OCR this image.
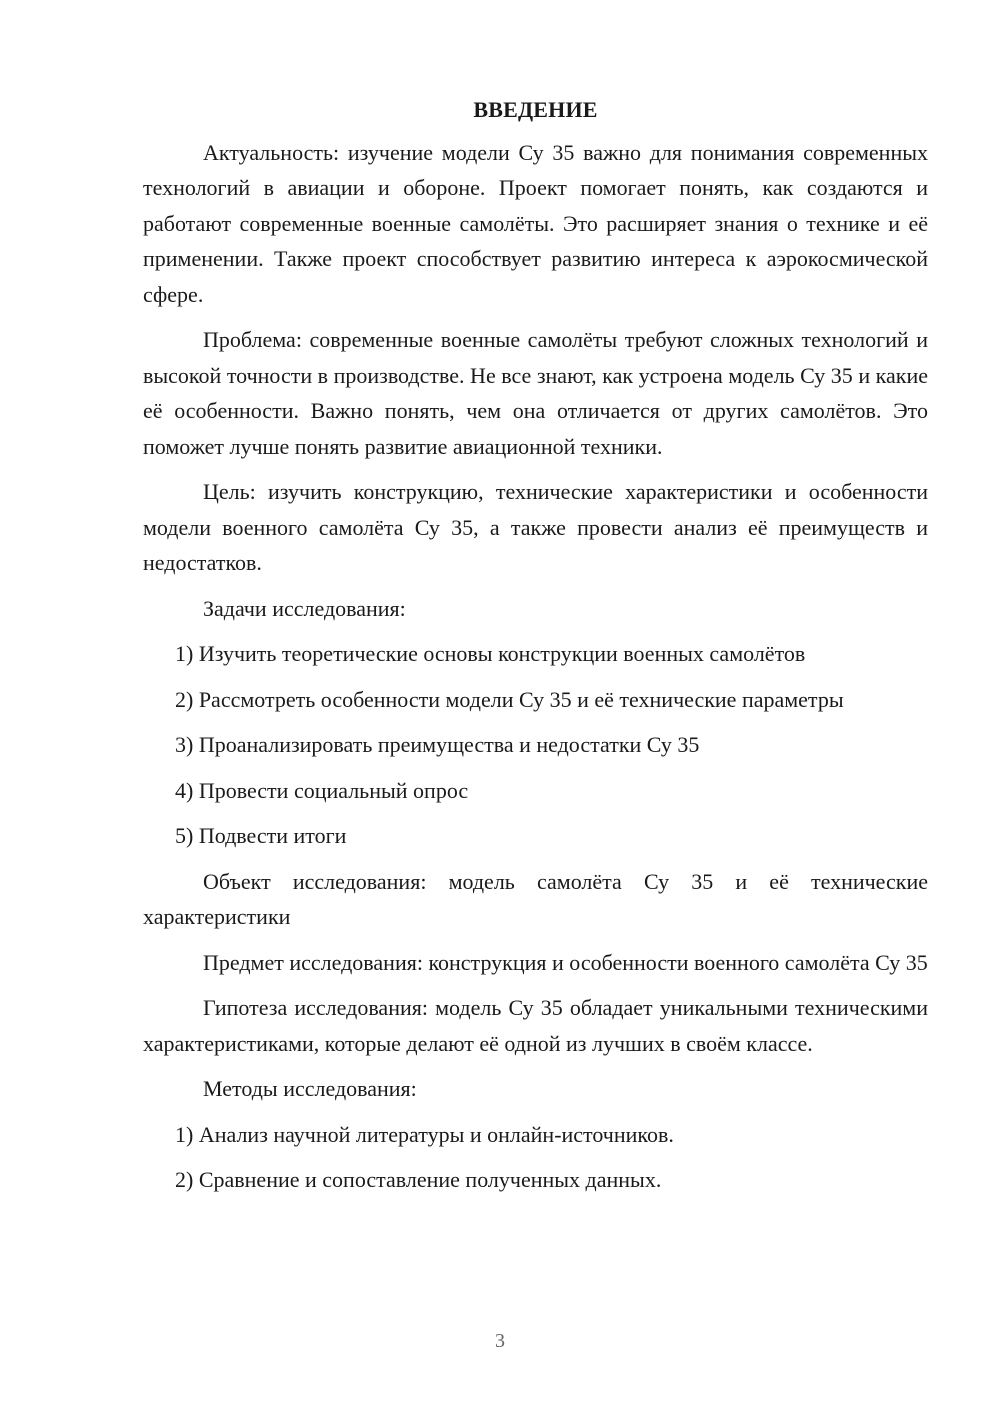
ВВЕДЕНИЕ

Актуальность: изучение модели Су 35 важно для понимания современных технологий в авиации и обороне. Проект помогает понять, как создаются и работают современные военные самолёты. Это расширяет знания о технике и её применении. Также проект способствует развитию интереса к аэрокосмической сфере.

Проблема: современные военные самолёты требуют сложных технологий и высокой точности в производстве. Не все знают, как устроена модель Су 35 и какие её особенности. Важно понять, чем она отличается от других самолётов. Это поможет лучше понять развитие авиационной техники.

Цель: изучить конструкцию, технические характеристики и особенности модели военного самолёта Су 35, а также провести анализ её преимуществ и недостатков.

Задачи исследования:

1) Изучить теоретические основы конструкции военных самолётов

2) Рассмотреть особенности модели Су 35 и её технические параметры

3) Проанализировать преимущества и недостатки Су 35

4) Провести социальный опрос

5) Подвести итоги

Объект исследования: модель самолёта Су 35 и её технические характеристики

Предмет исследования: конструкция и особенности военного самолёта Су 35

Гипотеза исследования: модель Су 35 обладает уникальными техническими характеристиками, которые делают её одной из лучших в своём классе.

Методы исследования:

1) Анализ научной литературы и онлайн-источников.

2) Сравнение и сопоставление полученных данных.

3
